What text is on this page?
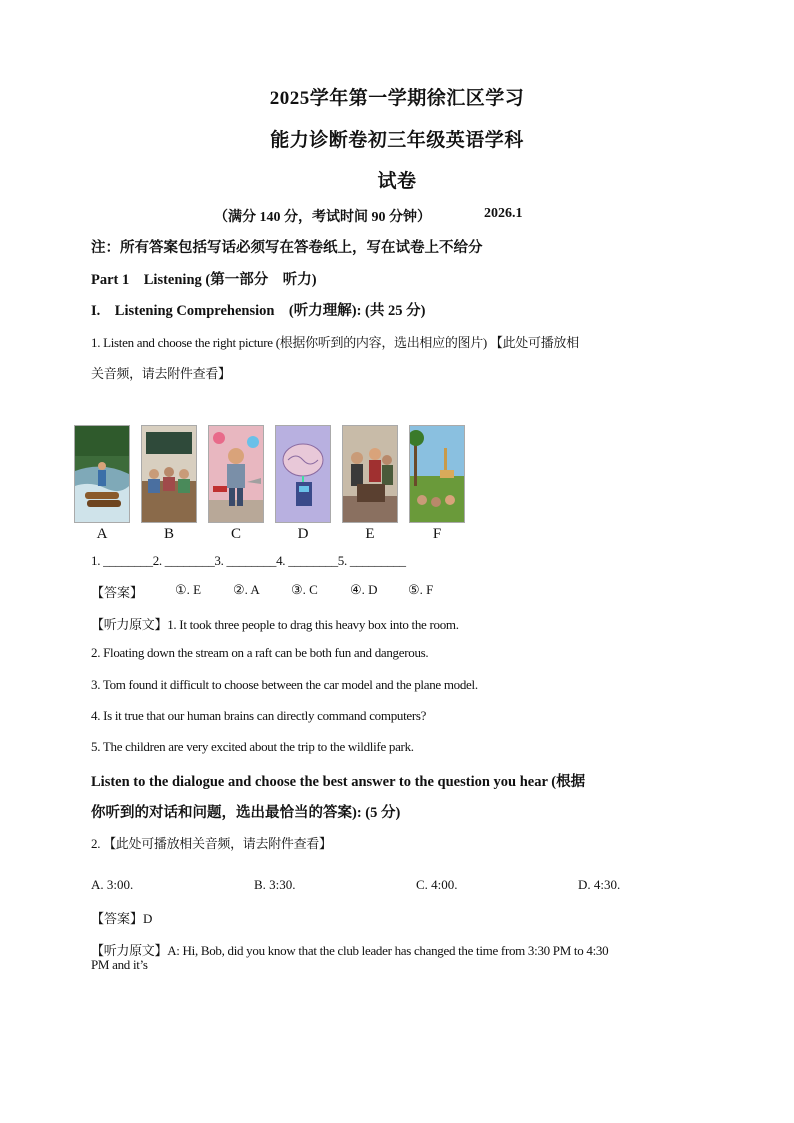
2025学年第一学期徐汇区学习
能力诊断卷初三年级英语学科
试卷
（满分 140 分，考试时间 90 分钟）	2026.1
注：所有答案包括写话必须写在答卷纸上，写在试卷上不给分
Part 1　Listening (第一部分　听力)
I.　Listening Comprehension　(听力理解): (共 25 分)
1. Listen and choose the right picture (根据你听到的内容，选出相应的图片) 【此处可播放相
关音频，请去附件查看】
A	B	C	D	E	F
1. ________2. ________3. ________4. ________5. _________
【答案】 ①. E ②. A ③. C ④. D ⑤. F
【听力原文】1. It took three people to drag this heavy box into the room.
2. Floating down the stream on a raft can be both fun and dangerous.
3. Tom found it difficult to choose between the car model and the plane model.
4. Is it true that our human brains can directly command computers?
5. The children are very excited about the trip to the wildlife park.
Listen to the dialogue and choose the best answer to the question you hear (根据
你听到的对话和问题，选出最恰当的答案): (5 分)
2. 【此处可播放相关音频，请去附件查看】
A. 3:00.	B. 3:30.	C. 4:00.	D. 4:30.
【答案】D
【听力原文】A: Hi, Bob, did you know that the club leader has changed the time from 3:30 PM to 4:30
PM and it’s
